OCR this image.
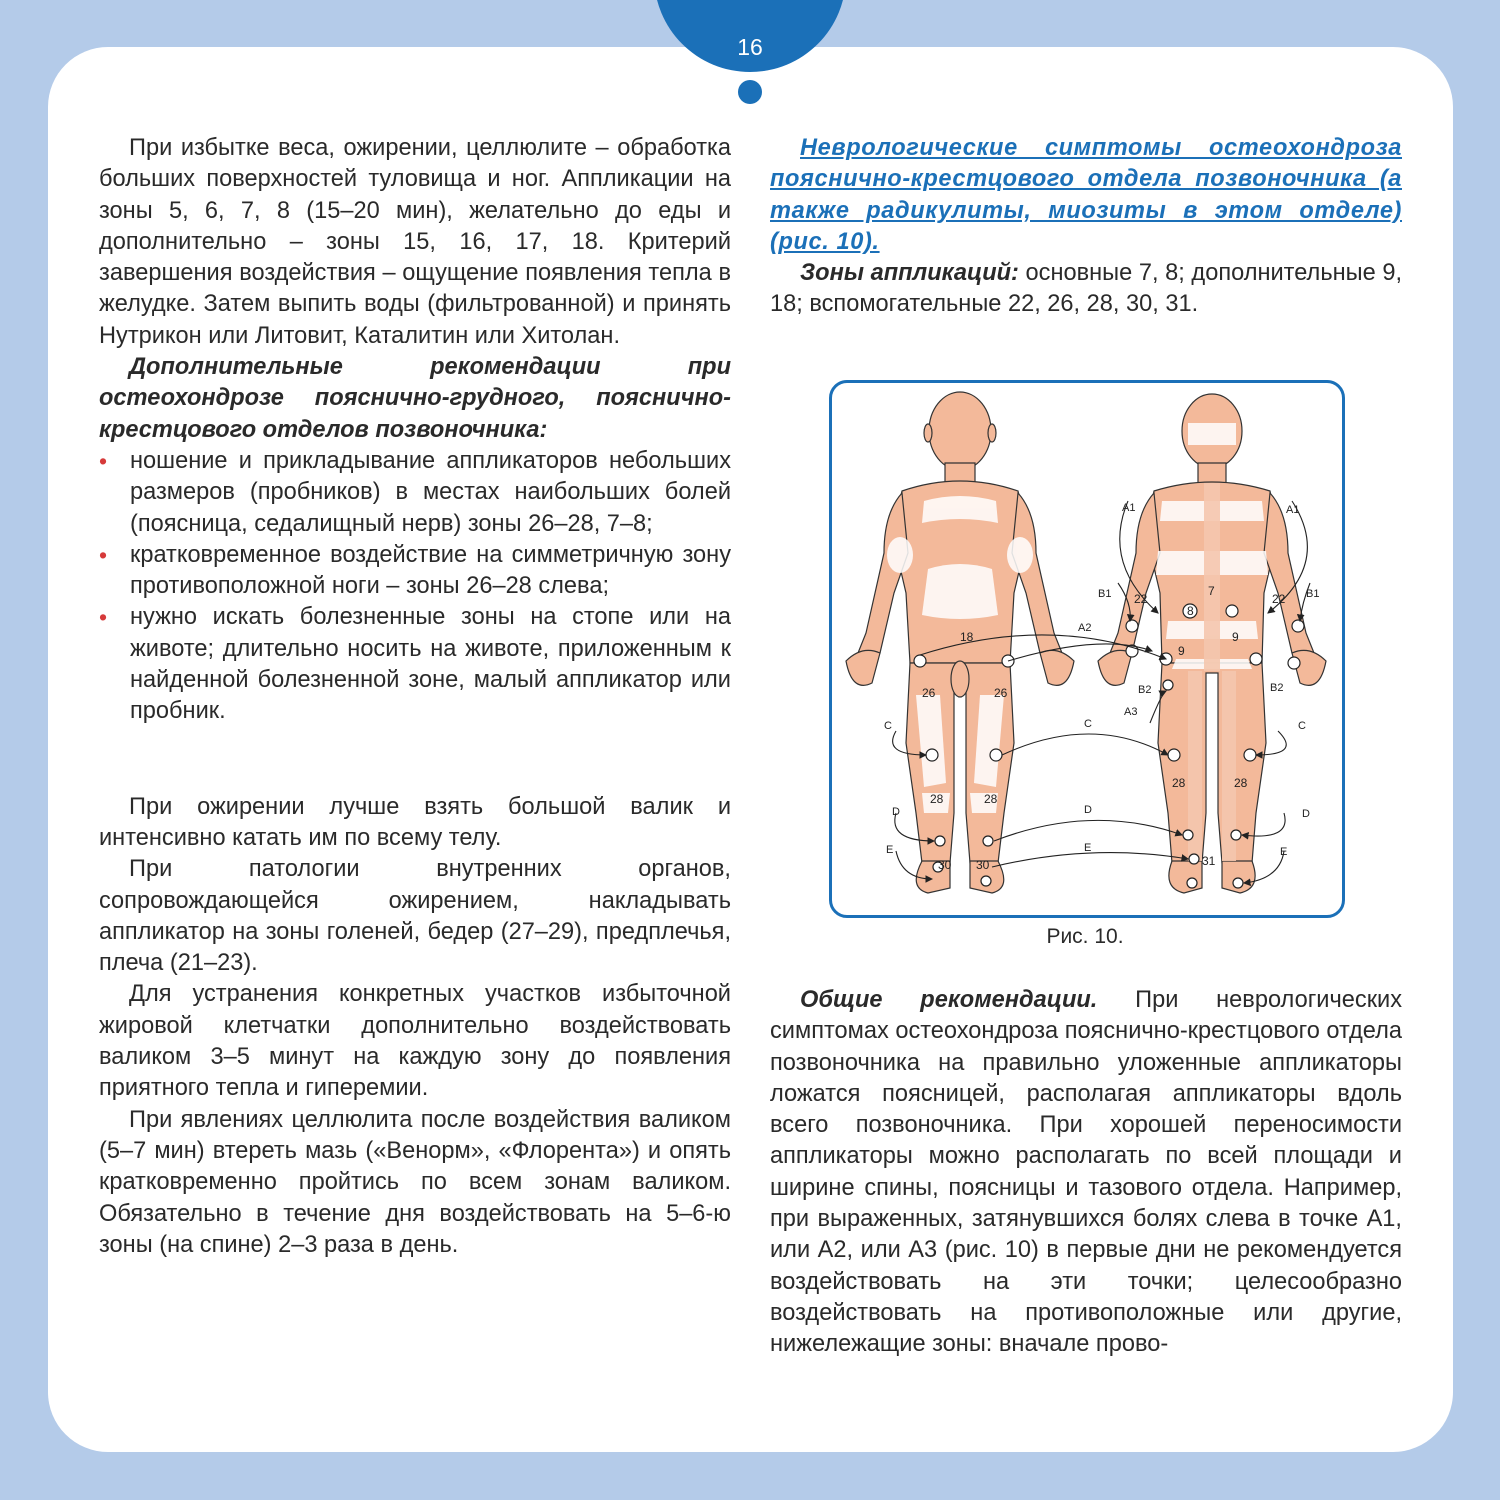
16

При избытке веса, ожирении, целлюлите – обработка больших поверхностей туловища и ног. Аппликации на зоны 5, 6, 7, 8 (15–20 мин), желательно до еды и дополнительно – зоны 15, 16, 17, 18. Критерий завершения воздействия – ощущение появления тепла в желудке. Затем выпить воды (фильтрованной) и принять Нутрикон или Литовит, Каталитин или Хитолан.

Дополнительные рекомендации при остеохондрозе пояснично-грудного, пояснично-крестцового отделов позвоночника:

• ношение и прикладывание аппликаторов небольших размеров (пробников) в местах наибольших болей (поясница, седалищный нерв) зоны 26–28, 7–8;
• кратковременное воздействие на симметричную зону противоположной ноги – зоны 26–28 слева;
• нужно искать болезненные зоны на стопе или на животе; длительно носить на животе, приложенным к найденной болезненной зоне, малый аппликатор или пробник.

При ожирении лучше взять большой валик и интенсивно катать им по всему телу.

При патологии внутренних органов, сопровождающейся ожирением, накладывать аппликатор на зоны голеней, бедер (27–29), предплечья, плеча (21–23).

Для устранения конкретных участков избыточной жировой клетчатки дополнительно воздействовать валиком 3–5 минут на каждую зону до появления приятного тепла и гиперемии.

При явлениях целлюлита после воздействия валиком (5–7 мин) втереть мазь («Венорм», «Флорента») и опять кратковременно пройтись по всем зонам валиком. Обязательно в течение дня воздействовать на 5–6-ю зоны (на спине) 2–3 раза в день.

Неврологические симптомы остеохондроза пояснично-крестцового отдела позвоночника (а также радикулиты, миозиты в этом отделе) (рис. 10).

Зоны аппликаций: основные 7, 8; дополнительные 9, 18; вспомогательные 22, 26, 28, 30, 31.

18
26	26
28	28
30 30
7
8
9
9
22	22
28	28
31
A1	A1
A2
A3
B1	B1
B2	B2
C	C	C
D	D	D
E	E	E
Рис. 10.

Общие рекомендации. При неврологических симптомах остеохондроза пояснично-крестцового отдела позвоночника на правильно уложенные аппликаторы ложатся поясницей, располагая аппликаторы вдоль всего позвоночника. При хорошей переносимости аппликаторы можно располагать по всей площади и ширине спины, поясницы и тазового отдела. Например, при выраженных, затянувшихся болях слева в точке А1, или А2, или А3 (рис. 10) в первые дни не рекомендуется воздействовать на эти точки; целесообразно воздействовать на противоположные или другие, нижележащие зоны: вначале прово-
